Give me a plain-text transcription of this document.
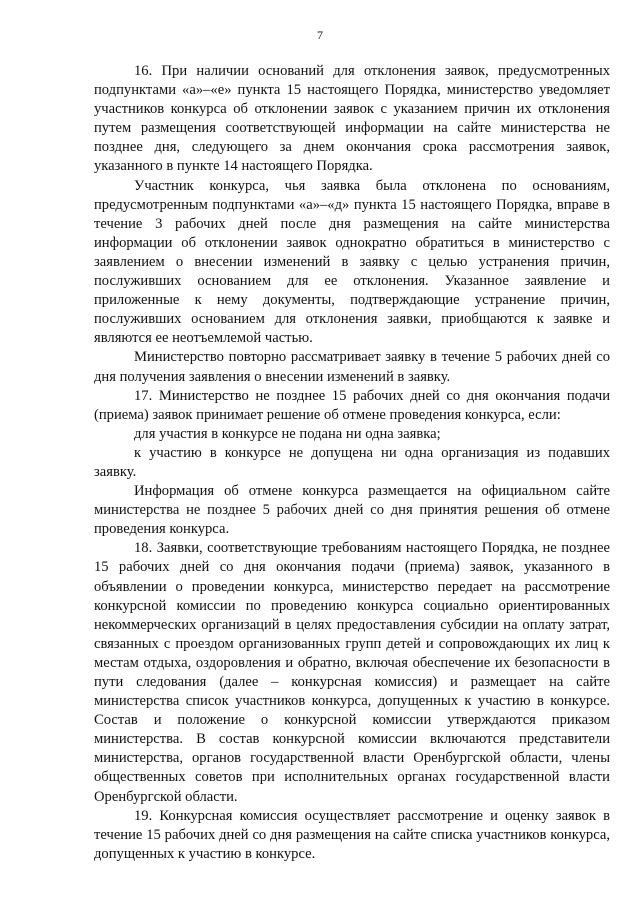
7

16. При наличии оснований для отклонения заявок, предусмотренных подпунктами «а»–«е» пункта 15 настоящего Порядка, министерство уведомляет участников конкурса об отклонении заявок с указанием причин их отклонения путем размещения соответствующей информации на сайте министерства не позднее дня, следующего за днем окончания срока рассмотрения заявок, указанного в пункте 14 настоящего Порядка.

Участник конкурса, чья заявка была отклонена по основаниям, предусмотренным подпунктами «а»–«д» пункта 15 настоящего Порядка, вправе в течение 3 рабочих дней после дня размещения на сайте министерства информации об отклонении заявок однократно обратиться в министерство с заявлением о внесении изменений в заявку с целью устранения причин, послуживших основанием для ее отклонения. Указанное заявление и приложенные к нему документы, подтверждающие устранение причин, послуживших основанием для отклонения заявки, приобщаются к заявке и являются ее неотъемлемой частью.

Министерство повторно рассматривает заявку в течение 5 рабочих дней со дня получения заявления о внесении изменений в заявку.

17. Министерство не позднее 15 рабочих дней со дня окончания подачи (приема) заявок принимает решение об отмене проведения конкурса, если:

для участия в конкурсе не подана ни одна заявка;

к участию в конкурсе не допущена ни одна организация из подавших заявку.

Информация об отмене конкурса размещается на официальном сайте министерства не позднее 5 рабочих дней со дня принятия решения об отмене проведения конкурса.

18. Заявки, соответствующие требованиям настоящего Порядка, не позднее 15 рабочих дней со дня окончания подачи (приема) заявок, указанного в объявлении о проведении конкурса, министерство передает на рассмотрение конкурсной комиссии по проведению конкурса социально ориентированных некоммерческих организаций в целях предоставления субсидии на оплату затрат, связанных с проездом организованных групп детей и сопровождающих их лиц к местам отдыха, оздоровления и обратно, включая обеспечение их безопасности в пути следования (далее – конкурсная комиссия) и размещает на сайте министерства список участников конкурса, допущенных к участию в конкурсе. Состав и положение о конкурсной комиссии утверждаются приказом министерства. В состав конкурсной комиссии включаются представители министерства, органов государственной власти Оренбургской области, члены общественных советов при исполнительных органах государственной власти Оренбургской области.

19. Конкурсная комиссия осуществляет рассмотрение и оценку заявок в течение 15 рабочих дней со дня размещения на сайте списка участников конкурса, допущенных к участию в конкурсе.
